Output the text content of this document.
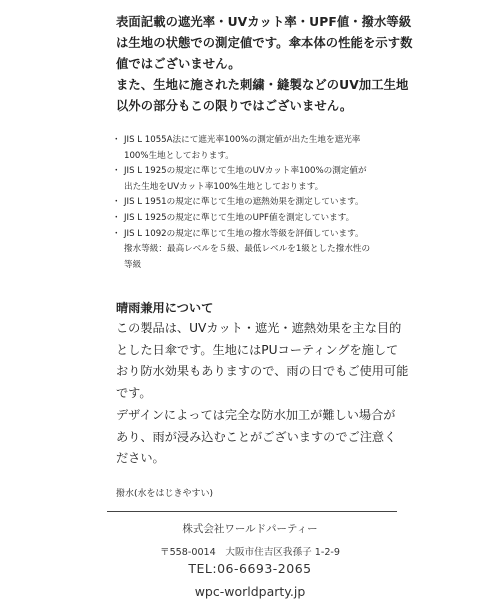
表面記載の遮光率・UVカット率・UPF値・撥水等級

は生地の状態での測定値です。傘本体の性能を示す数

値ではございません。

また、生地に施された刺繍・縫製などのUV加工生地

以外の部分もこの限りではございません。

・ JIS L 1055A法にて遮光率100%の測定値が出た生地を遮光率
100%生地としております。
・ JIS L 1925の規定に準じて生地のUVカット率100%の測定値が
出た生地をUVカット率100%生地としております。
・ JIS L 1951の規定に準じて生地の遮熱効果を測定しています。
・ JIS L 1925の規定に準じて生地のUPF値を測定しています。
・ JIS L 1092の規定に準じて生地の撥水等級を評価しています。
撥水等級：最高レベルを５級、最低レベルを1級とした撥水性の
等級
晴雨兼用について

この製品は、UVカット・遮光・遮熱効果を主な目的

とした日傘です。生地にはPUコーティングを施して

おり防水効果もありますので、雨の日でもご使用可能

です。

デザインによっては完全な防水加工が難しい場合が

あり、雨が浸み込むことがございますのでご注意く

ださい。

撥水(水をはじきやすい)
株式会社ワールドパーティー
〒558-0014　大阪市住吉区我孫子 1-2-9
TEL:06-6693-2065
wpc-worldparty.jp
